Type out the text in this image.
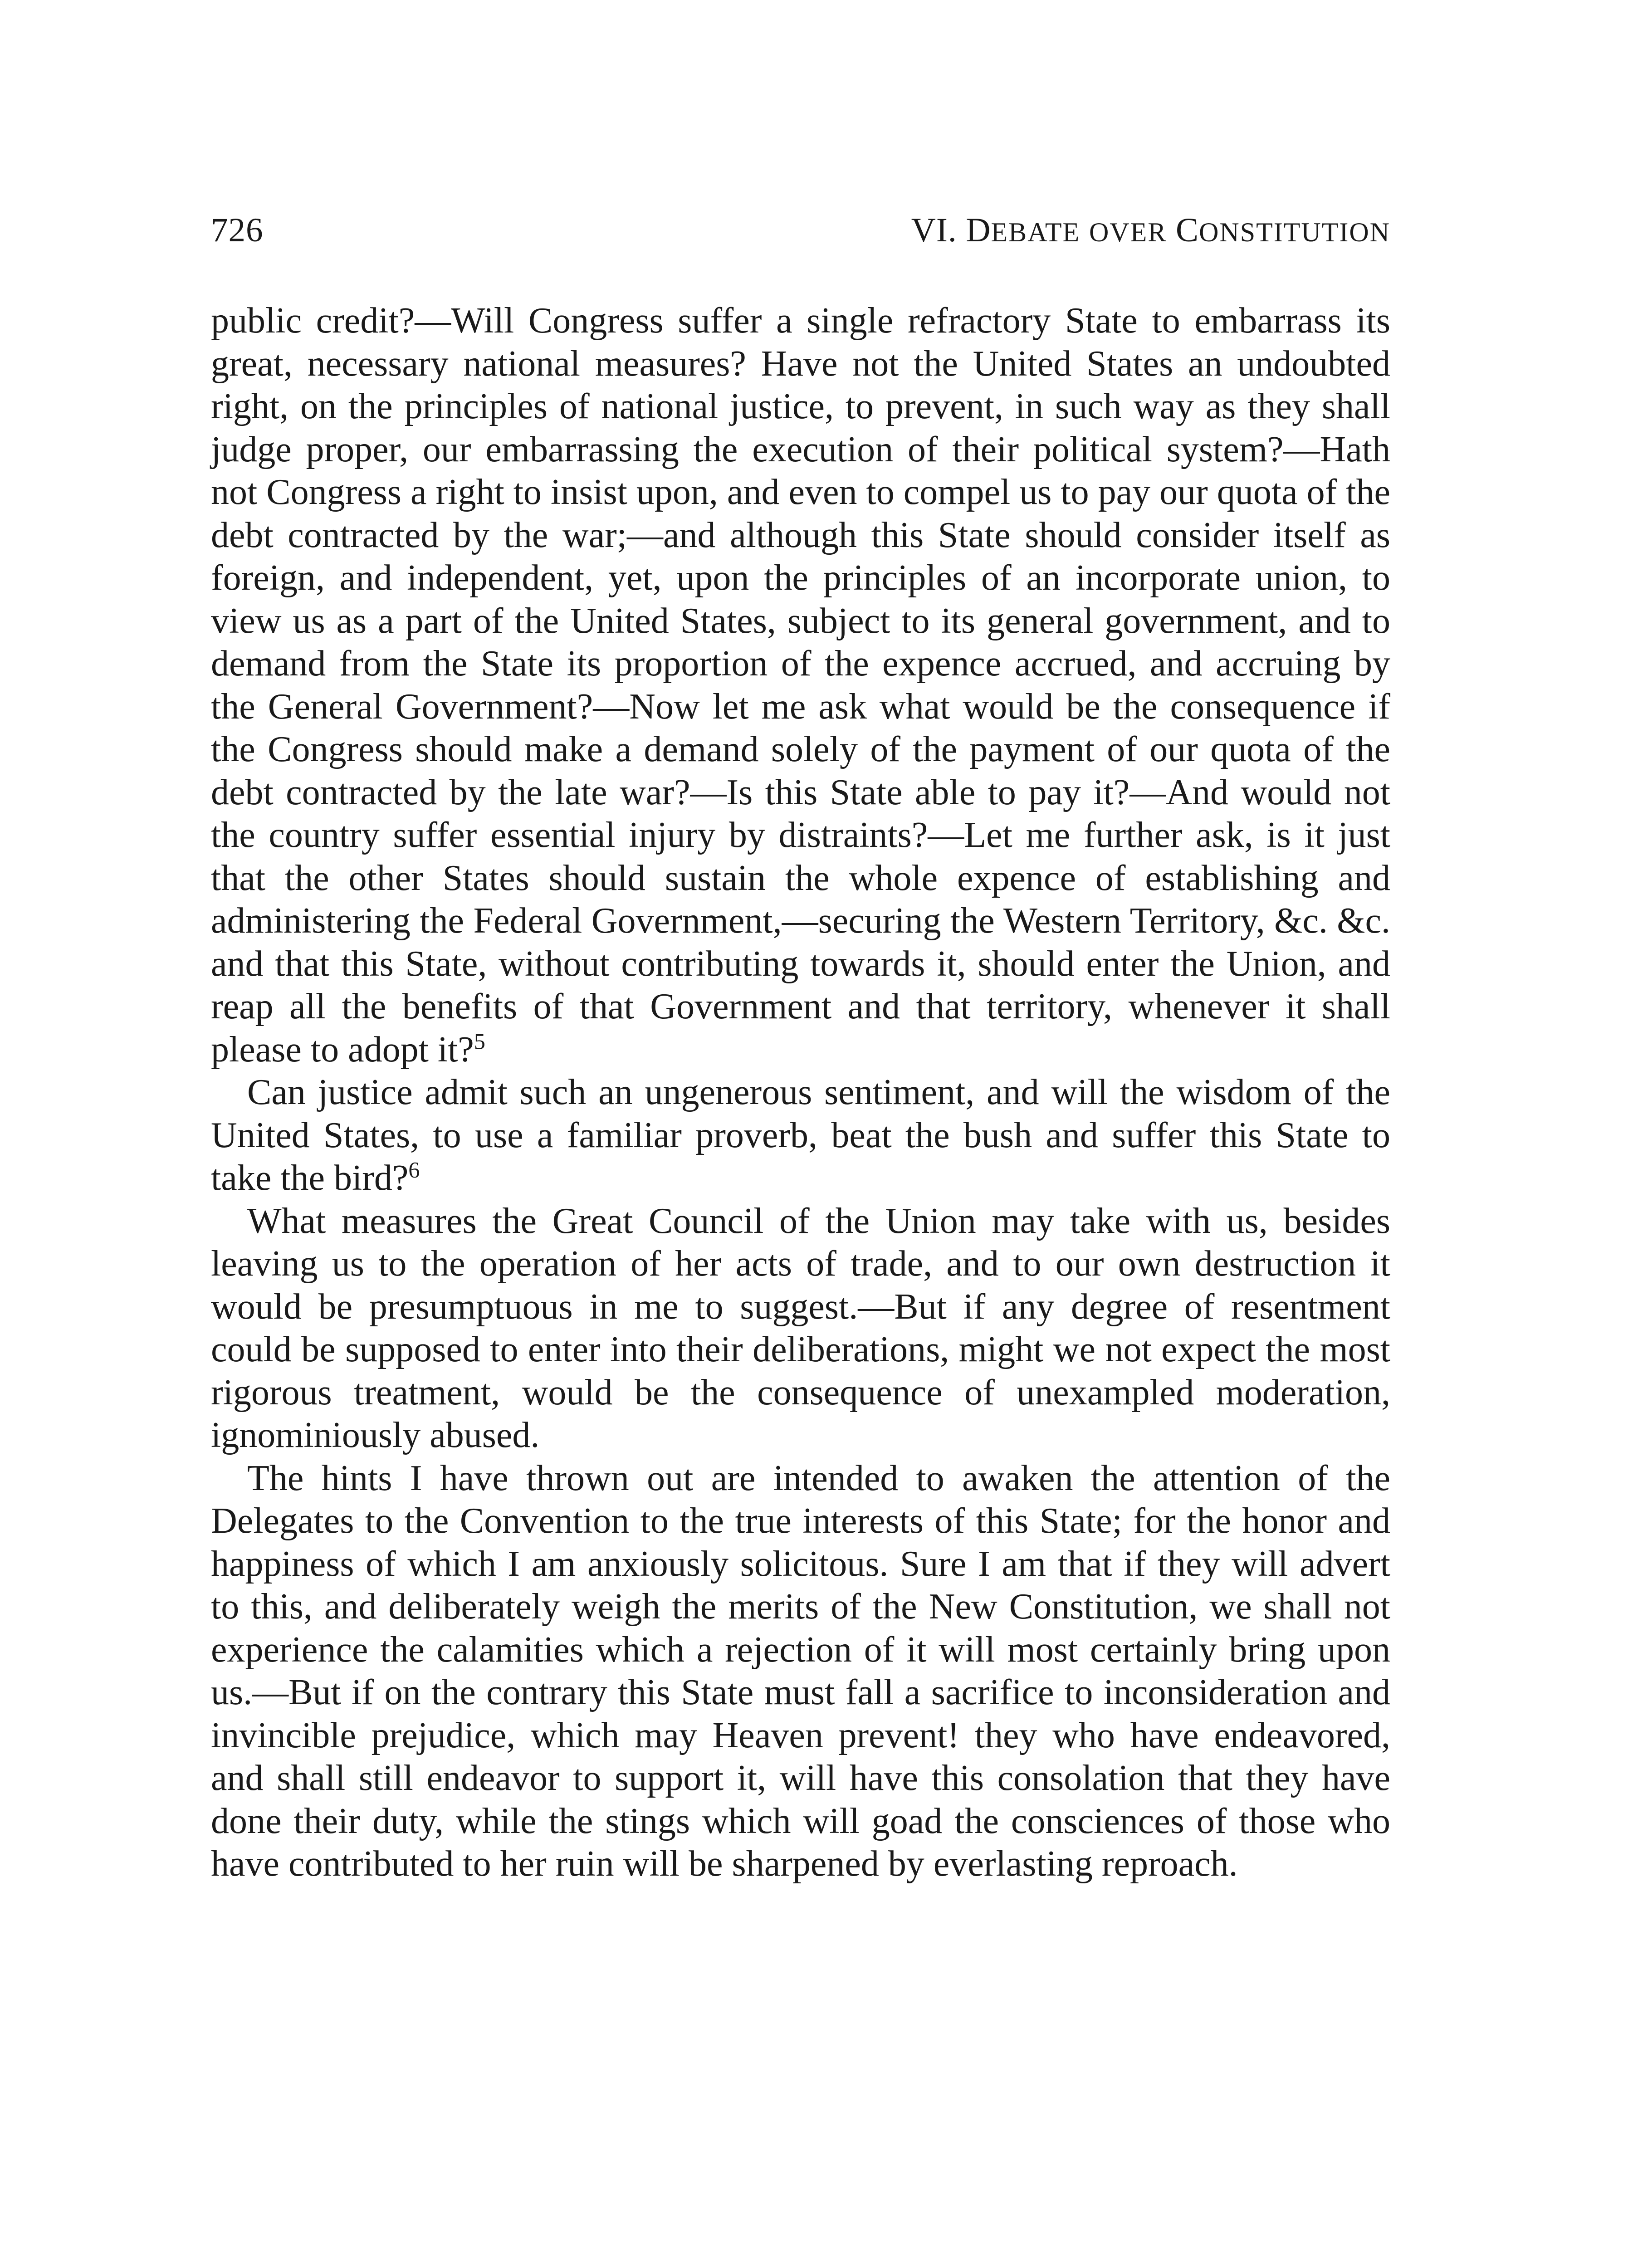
726	VI. DEBATE OVER CONSTITUTION

public credit?—Will Congress suffer a single refractory State to embarrass its great, necessary national measures? Have not the United States an undoubted right, on the principles of national justice, to prevent, in such way as they shall judge proper, our embarrassing the execution of their political system?—Hath not Congress a right to insist upon, and even to compel us to pay our quota of the debt contracted by the war;—and although this State should consider itself as foreign, and independent, yet, upon the principles of an incorporate union, to view us as a part of the United States, subject to its general government, and to demand from the State its proportion of the expence accrued, and accruing by the General Government?—Now let me ask what would be the consequence if the Congress should make a demand solely of the payment of our quota of the debt contracted by the late war?—Is this State able to pay it?—And would not the country suffer essential injury by distraints?—Let me further ask, is it just that the other States should sustain the whole expence of establishing and administering the Federal Government,—securing the Western Territory, &c. &c. and that this State, without contributing towards it, should enter the Union, and reap all the benefits of that Government and that territory, whenever it shall please to adopt it?$^5$

Can justice admit such an ungenerous sentiment, and will the wisdom of the United States, to use a familiar proverb, beat the bush and suffer this State to take the bird?$^6$

What measures the Great Council of the Union may take with us, besides leaving us to the operation of her acts of trade, and to our own destruction it would be presumptuous in me to suggest.—But if any degree of resentment could be supposed to enter into their deliberations, might we not expect the most rigorous treatment, would be the consequence of unexampled moderation, ignominiously abused.

The hints I have thrown out are intended to awaken the attention of the Delegates to the Convention to the true interests of this State; for the honor and happiness of which I am anxiously solicitous. Sure I am that if they will advert to this, and deliberately weigh the merits of the New Constitution, we shall not experience the calamities which a rejection of it will most certainly bring upon us.—But if on the contrary this State must fall a sacrifice to inconsideration and invincible prejudice, which may Heaven prevent! they who have endeavored, and shall still endeavor to support it, will have this consolation that they have done their duty, while the stings which will goad the consciences of those who have contributed to her ruin will be sharpened by everlasting reproach.
